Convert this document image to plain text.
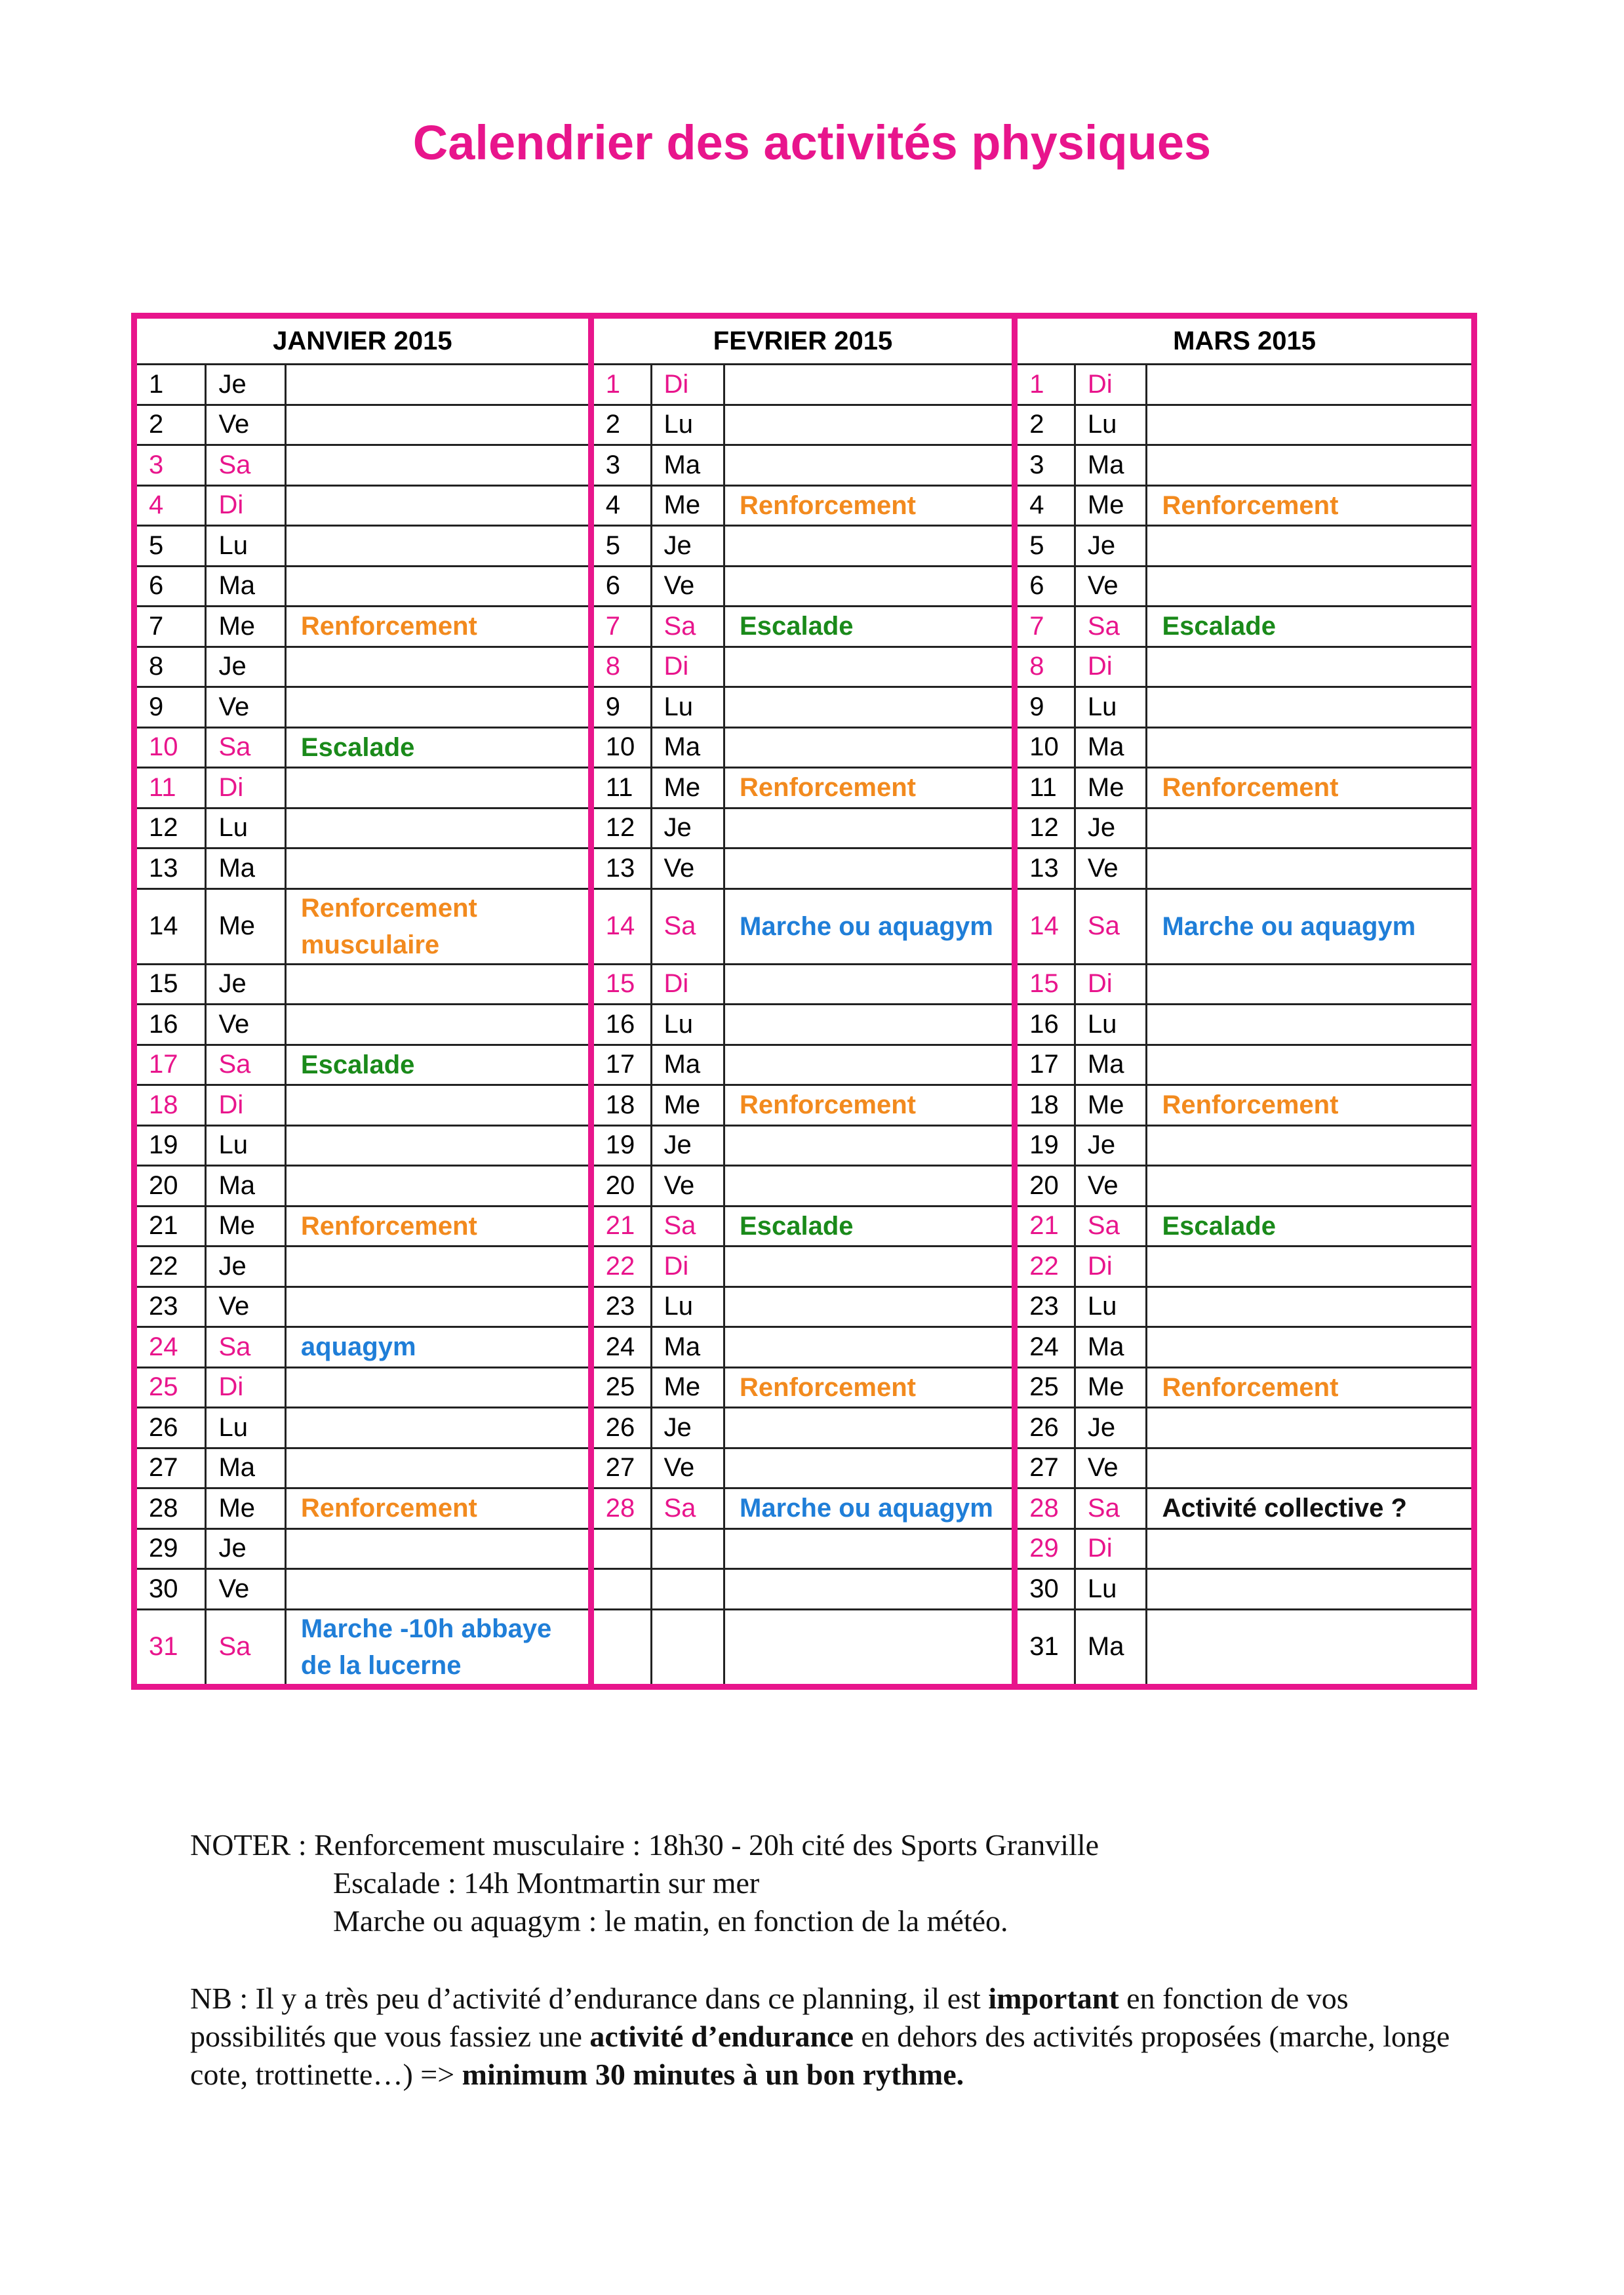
Calendrier des activités physiques
JANVIER 2015			FEVRIER 2015			MARS 2015		
1	Je		1	Di		1	Di	
2	Ve		2	Lu		2	Lu	
3	Sa		3	Ma		3	Ma	
4	Di		4	Me	Renforcement	4	Me	Renforcement
5	Lu		5	Je		5	Je	
6	Ma		6	Ve		6	Ve	
7	Me	Renforcement	7	Sa	Escalade	7	Sa	Escalade
8	Je		8	Di		8	Di	
9	Ve		9	Lu		9	Lu	
10	Sa	Escalade	10	Ma		10	Ma	
11	Di		11	Me	Renforcement	11	Me	Renforcement
12	Lu		12	Je		12	Je	
13	Ma		13	Ve		13	Ve	
14	Me	Renforcement musculaire	14	Sa	Marche ou aquagym	14	Sa	Marche ou aquagym
15	Je		15	Di		15	Di	
16	Ve		16	Lu		16	Lu	
17	Sa	Escalade	17	Ma		17	Ma	
18	Di		18	Me	Renforcement	18	Me	Renforcement
19	Lu		19	Je		19	Je	
20	Ma		20	Ve		20	Ve	
21	Me	Renforcement	21	Sa	Escalade	21	Sa	Escalade
22	Je		22	Di		22	Di	
23	Ve		23	Lu		23	Lu	
24	Sa	aquagym	24	Ma		24	Ma	
25	Di		25	Me	Renforcement	25	Me	Renforcement
26	Lu		26	Je		26	Je	
27	Ma		27	Ve		27	Ve	
28	Me	Renforcement	28	Sa	Marche ou aquagym	28	Sa	Activité collective ?
29	Je					29	Di	
30	Ve					30	Lu	
31	Sa	Marche -10h abbaye de la lucerne				31	Ma	
NOTER : Renforcement musculaire : 18h30 - 20h cité des Sports Granville
Escalade : 14h Montmartin sur mer
Marche ou aquagym : le matin, en fonction de la météo.
NB : Il y a très peu d’activité d’endurance dans ce planning, il est important en fonction de vos possibilités que vous fassiez une activité d’endurance en dehors des activités proposées (marche, longe cote, trottinette…) => minimum 30 minutes à un bon rythme.
